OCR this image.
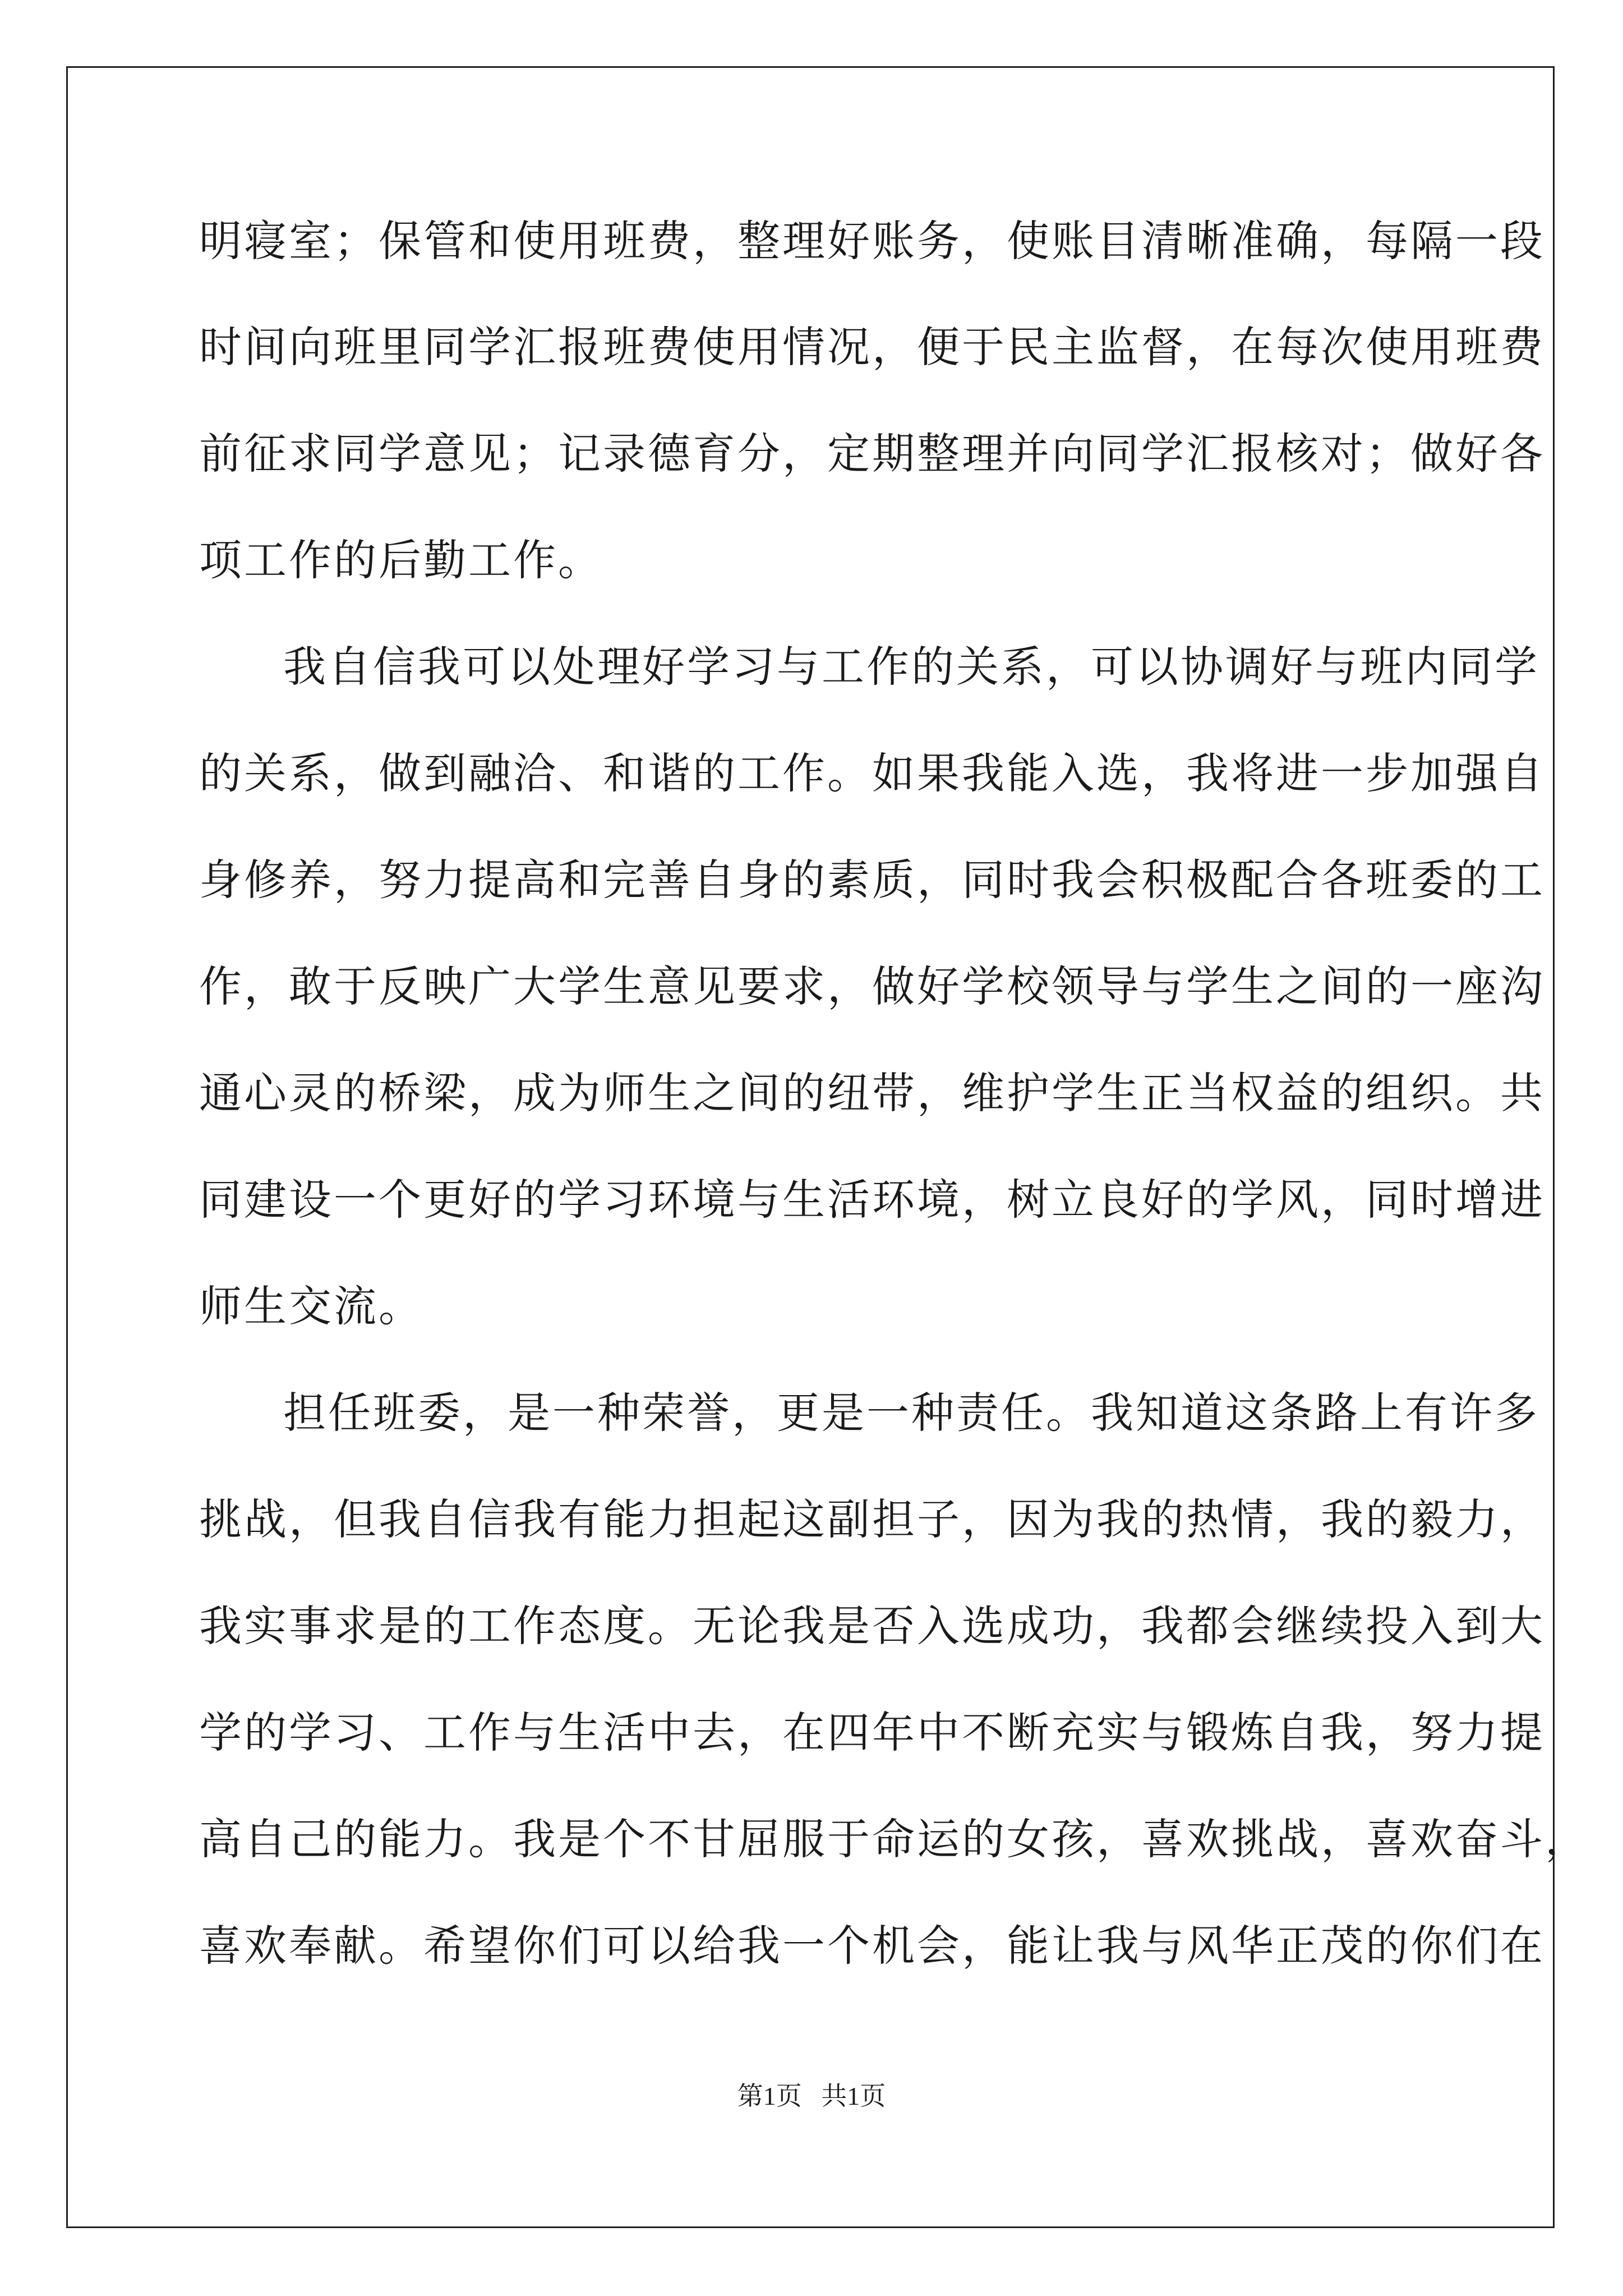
明寝室；保管和使用班费，整理好账务，使账目清晰准确，每隔一段
时间向班里同学汇报班费使用情况，便于民主监督，在每次使用班费
前征求同学意见；记录德育分，定期整理并向同学汇报核对；做好各
项工作的后勤工作。
我自信我可以处理好学习与工作的关系，可以协调好与班内同学
的关系，做到融洽、和谐的工作。如果我能入选，我将进一步加强自
身修养，努力提高和完善自身的素质，同时我会积极配合各班委的工
作，敢于反映广大学生意见要求，做好学校领导与学生之间的一座沟
通心灵的桥梁，成为师生之间的纽带，维护学生正当权益的组织。共
同建设一个更好的学习环境与生活环境，树立良好的学风，同时增进
师生交流。
担任班委，是一种荣誉，更是一种责任。我知道这条路上有许多
挑战，但我自信我有能力担起这副担子，因为我的热情，我的毅力，
我实事求是的工作态度。无论我是否入选成功，我都会继续投入到大
学的学习、工作与生活中去，在四年中不断充实与锻炼自我，努力提
高自己的能力。我是个不甘屈服于命运的女孩，喜欢挑战，喜欢奋斗，
喜欢奉献。希望你们可以给我一个机会，能让我与风华正茂的你们在
第1页   共1页
